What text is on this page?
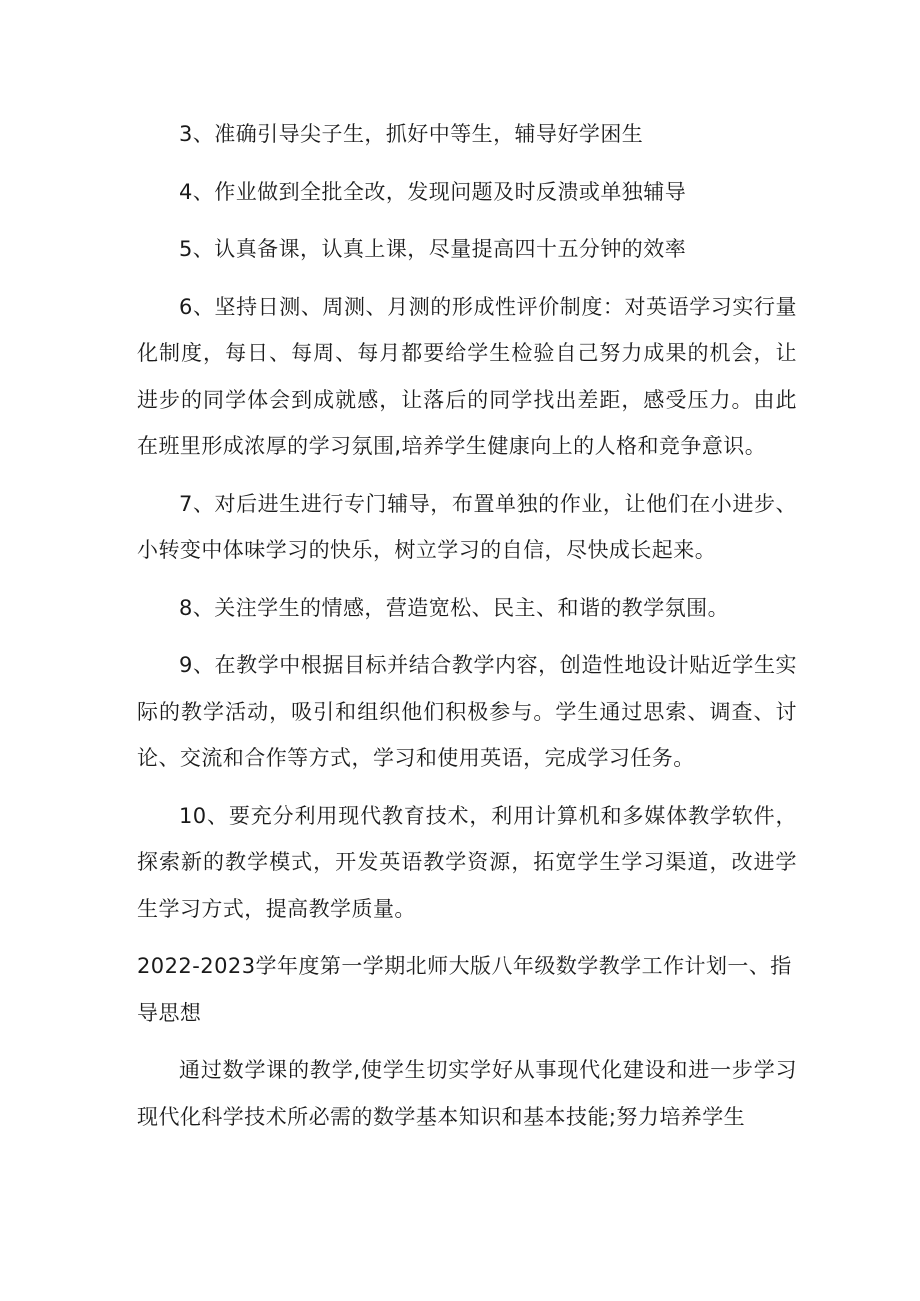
3、准确引导尖子生，抓好中等生，辅导好学困生

4、作业做到全批全改，发现问题及时反溃或单独辅导

5、认真备课，认真上课，尽量提高四十五分钟的效率

6、坚持日测、周测、月测的形成性评价制度：对英语学习实行量化制度，每日、每周、每月都要给学生检验自己努力成果的机会，让进步的同学体会到成就感，让落后的同学找出差距，感受压力。由此在班里形成浓厚的学习氛围,培养学生健康向上的人格和竞争意识。

7、对后进生进行专门辅导，布置单独的作业，让他们在小进步、小转变中体味学习的快乐，树立学习的自信，尽快成长起来。

8、关注学生的情感，营造宽松、民主、和谐的教学氛围。

9、在教学中根据目标并结合教学内容，创造性地设计贴近学生实际的教学活动，吸引和组织他们积极参与。学生通过思索、调查、讨论、交流和合作等方式，学习和使用英语，完成学习任务。

10、要充分利用现代教育技术，利用计算机和多媒体教学软件，探索新的教学模式，开发英语教学资源，拓宽学生学习渠道，改进学生学习方式，提高教学质量。

2022-2023学年度第一学期北师大版八年级数学教学工作计划一、指导思想

通过数学课的教学,使学生切实学好从事现代化建设和进一步学习现代化科学技术所必需的数学基本知识和基本技能;努力培养学生
